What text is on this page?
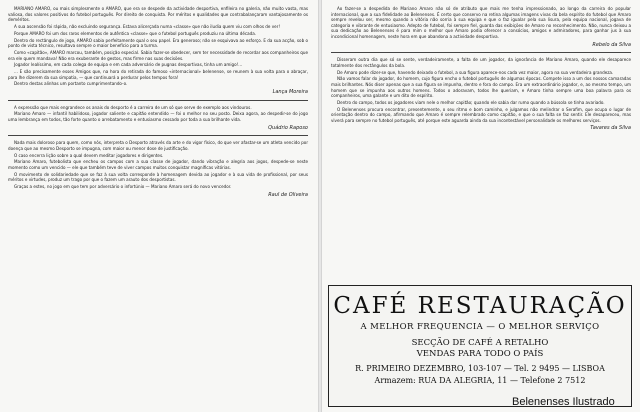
MARIANO AMARO, ou mais simplesmente o AMARO, que era se despede da actividade desportiva, enfileira no galeria, não muito vasta, mas valiosa, dos valores positivos do futebol português. Por direito de conquista. Por méritos e qualidades que contrabalançaram vantajosamente os deméritos.

A sua ascensão foi rápida, não excluindo segurança. Estava alicerçada numa «classe» que não iludia quem viu com olhos de ver!

Porque AMARO foi um dos raros elementos de autêntica «classe» que o futebol português produziu na última década.

Dentro do rectângulo de jogo, AMARO sabia perfeitamente qual o seu papel. Era generoso; não se esquivava ao esforço. E da sua acção, sob o ponto de vista técnico, resultava sempre o maior benefício para a turma.

Como «capitão», AMARO marcou, também, posição especial. Sabia fazer-se obedecer, sem ter necessidade de recordar aos companheiros que era ele quem mandava! Não era exuberante de gestos, mas firme nas suas decisões.

Jogador lealíssimo, em cada colega de equipa e em cada adversário de pugnas desportivas, tinha um amigo!...

... E são precisamente esses Amigos que, na hora do retirada do famoso «internacional» belenense, se reunem à sua volta para o abraçar, para lhe dizerem da sua simpatia, — que continuará a perdurar pelos tempos fora!

Dentro destas alinhas um portanto cumprimentando-o.

Lança Moreira

A expressão que mais engrandece os anais do desporto é a carreira de um só que serve de exemplo aos vindouros.

Mariano Amaro — infantil habilidoso, jogador saliente e capitão entendido — foi o melhor no seu posto. Deixa agora, ao despedir-se do jogo uma lembrança em todos, tão forte quanto o arrebatamento e entusiasmo cessado por toda a sua brilhante vida.

Quádrio Raposo

Nada mais doloroso para quem, como nós, interpreta o Desporto através da arte e do vigor físico, do que ver afastar-se um atleta vencido por doença que ao mesmo Desporto se impugna, com maior ou menor dose de justificação.

O caso encerra lição sobre a qual devem meditar jogadores e dirigentes.

Mariano Amaro, futebolista que encheu os campos com a sua classe de jogador, dando vibração e alegria aos jogos, despede-se neste momento como um vencido — ele que também teve de viver campos muitos conquistar magníficas vitórias.

O movimento de solidariedade que se faz à sua volta corresponde à homenagem devida ao jogador e à sua vida de profissional, por seus méritos e virtudes, produz um trago por que o fazem um arauto dos desportistas.

Graças a estes, no jogo em que tem por adversário o infortúnio — Mariano Amaro será do novo vencedor.

Raul de Oliveira

Ao fazer-se a despedida de Mariano Amaro não só de atributo que mais me tenha impressionado, ao longo da carreira do popular internacional, que a sua fidelidade ao Belenenses. É certo que conservo na retina algumas imagens vivas da bela espírito do futebol que Amaro sempre revelou ser, mesmo quando a vitória não sorria à sua equipa e que o faz igualar pela sua lisura, pela equipa nacional, jogava de categoria e vibrante de entusiasmo. Adepto de futebol, foi sempre fiel, guarda das exibições de Amaro no reconhecimento. Não, nunca deixou a sua dedicação ao Belenenses é para mim o melhor que Amaro podia oferecer a consócios, amigos e admiradores, para ganhar jus à sua incondicional homenagem, neste hora em que abandona a actividade desportiva.

Rebelo da Silva

Disseram outra dia que só se sente, verdadeiramente, a falta de um jogador, da ignorância de Mariano Amaro, quando ele desaparece totalmente dos rectângulos da bola.

De Amaro pode dizer-se que, havendo deixado o futebol, a sua figura aparece-nos cada vez maior, agora na sua verdadeira grandeza.

Não vamos falar do jogador, do homem, cujo figura encho o futebol português de algumas épocas. Compete isso a um dos nossos camaradas mais brilhantes. Nós diser apenas que a sua figura se impunha, dentro e fora do campo. Era um extraordinário jogador, e, ao mesmo tempo, um homem que se impunha aos outros homens. Todos o adoravam, todos lhe queriam, e Amaro tinha sempre uma boa palavra para os companheiros, uma galante e um dito de espírito.

Dentro do campo, todos os jogadores viam nele o melhor capitão; quando ele sabia dar rumo quando a bússola se tinha avariado.

O Belenenses procura encontrar, presentemente, o seu ritmo e bom caminho, e julgamos não melindrar o Serafim, que ocupa o lugar de orientação dentro do campo, afirmando que Amaro é sempre relembrado como capitão, e que o sua falta se faz sentir. Ele desapareceu, mas viverá para sempre no futebol português, até porque este aguarda ainda da sua incontestável personalidade os melhores serviços.

Tavares da Silva
CAFÉ RESTAURAÇÃO
A MELHOR FREQUENCIA — O MELHOR SERVIÇO
SECÇÃO DE CAFÉ A RETALHO
VENDAS PARA TODO O PAÍS
R. PRIMEIRO DEZEMBRO, 103-107 — Tel. 2 9495 — LISBOA
Armazem: RUA DA ALEGRIA, 11 — Telefone 2 7512
Belenenses Ilustrado
